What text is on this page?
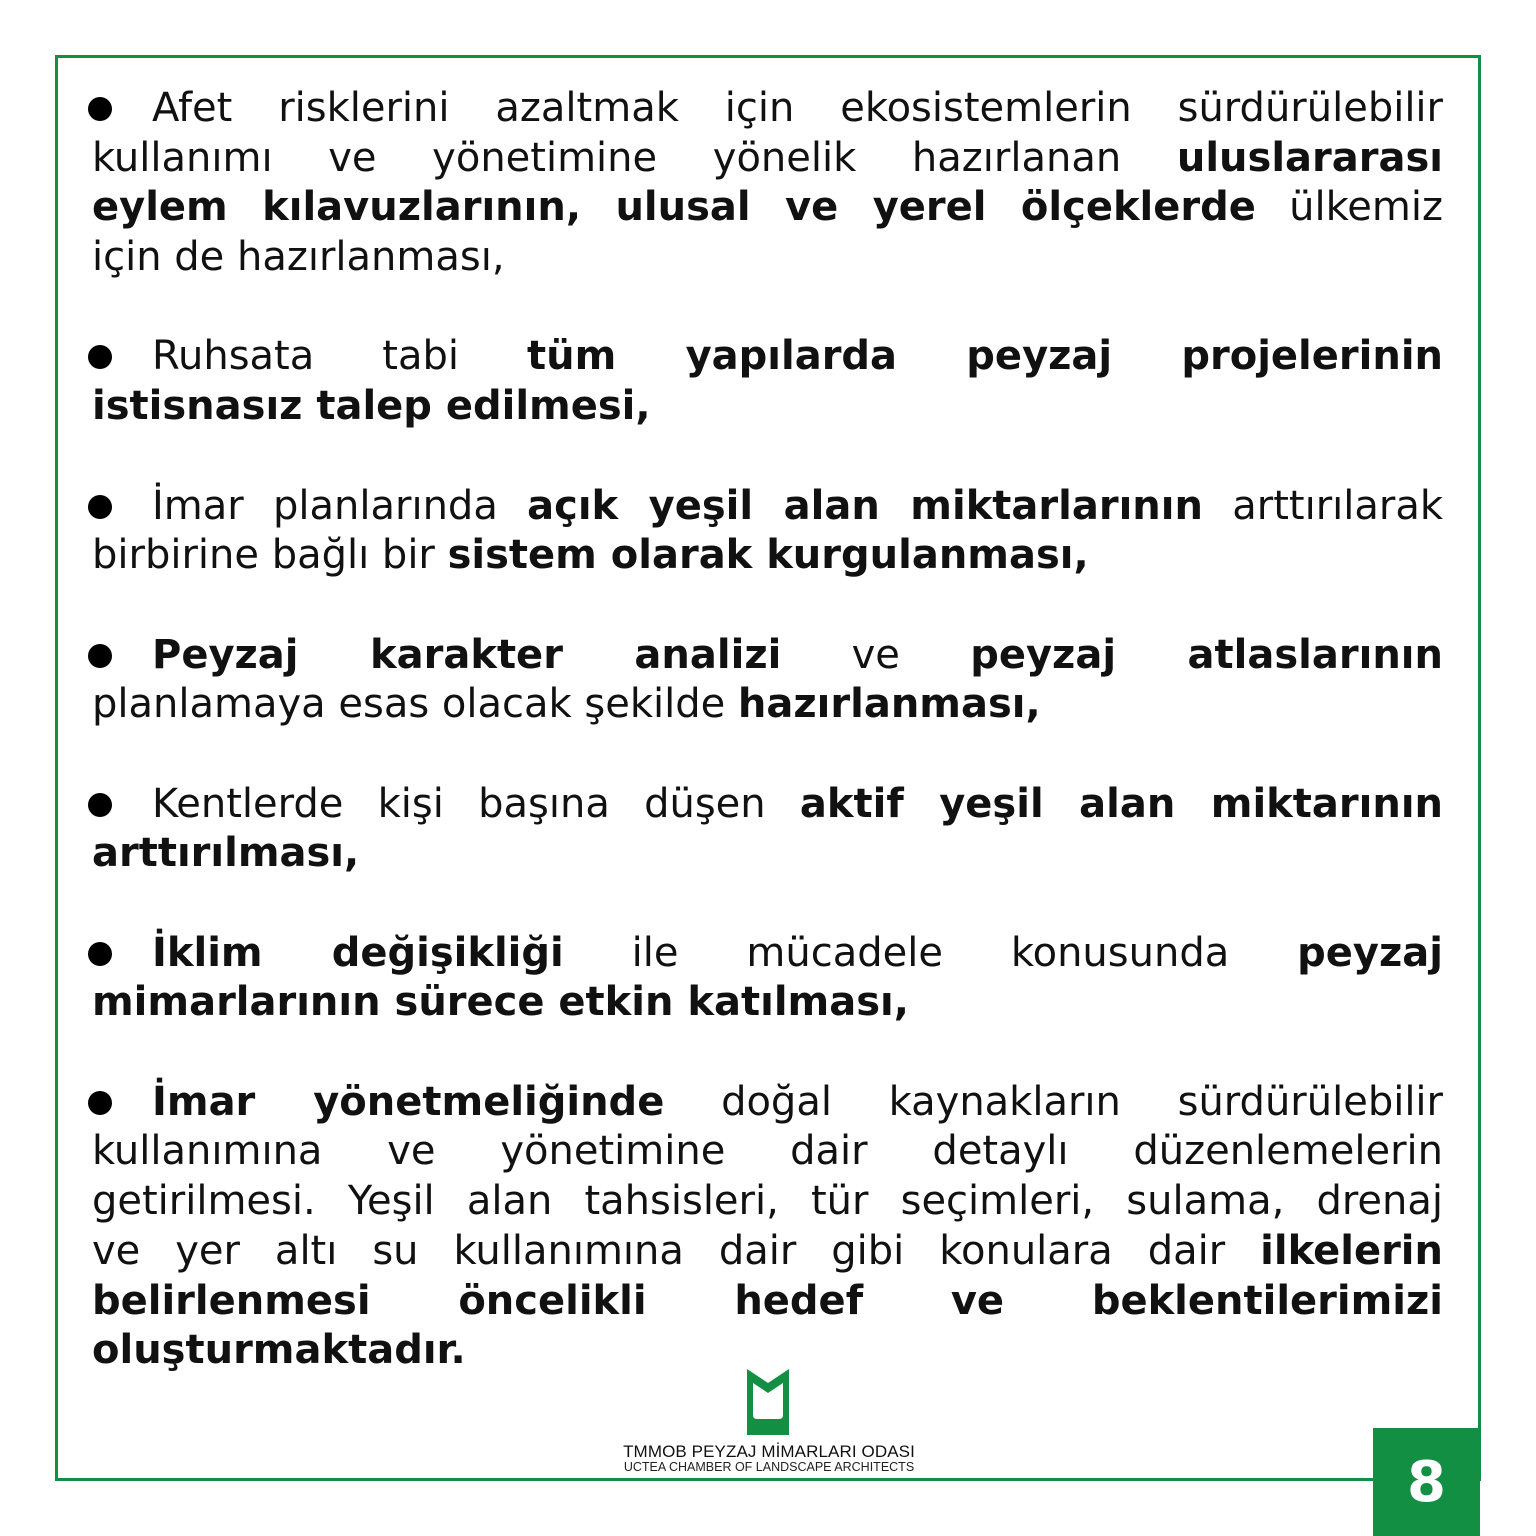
Afet risklerini azaltmak için ekosistemlerin sürdürülebilir
kullanımı ve yönetimine yönelik hazırlanan uluslararası
eylem kılavuzlarının, ulusal ve yerel ölçeklerde ülkemiz
için de hazırlanması,
Ruhsata tabi tüm yapılarda peyzaj projelerinin
istisnasız talep edilmesi,
İmar planlarında açık yeşil alan miktarlarının arttırılarak
birbirine bağlı bir sistem olarak kurgulanması,
Peyzaj karakter analizi ve peyzaj atlaslarının
planlamaya esas olacak şekilde hazırlanması,
Kentlerde kişi başına düşen aktif yeşil alan miktarının
arttırılması,
İklim değişikliği ile mücadele konusunda peyzaj
mimarlarının sürece etkin katılması,
İmar yönetmeliğinde doğal kaynakların sürdürülebilir
kullanımına ve yönetimine dair detaylı düzenlemelerin
getirilmesi. Yeşil alan tahsisleri, tür seçimleri, sulama, drenaj
ve yer altı su kullanımına dair gibi konulara dair ilkelerin
belirlenmesi öncelikli hedef ve beklentilerimizi
oluşturmaktadır.
TMMOB PEYZAJ MİMARLARI ODASI
UCTEA CHAMBER OF LANDSCAPE ARCHITECTS	8
